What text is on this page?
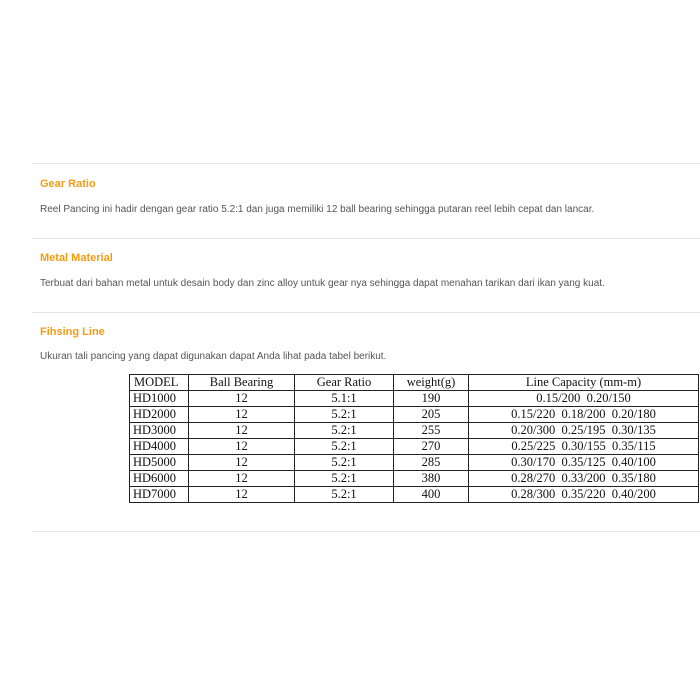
Gear Ratio
Reel Pancing ini hadir dengan gear ratio 5.2:1 dan juga memiliki 12 ball bearing sehingga putaran reel lebih cepat dan lancar.
Metal Material
Terbuat dari bahan metal untuk desain body dan zinc alloy untuk gear nya sehingga dapat menahan tarikan dari ikan yang kuat.
Fihsing Line
Ukuran tali pancing yang dapat digunakan dapat Anda lihat pada tabel berikut.
MODEL	Ball Bearing	Gear Ratio	weight(g)	Line Capacity (mm-m)
HD1000	12	5.1:1	190	0.15/200  0.20/150
HD2000	12	5.2:1	205	0.15/220  0.18/200  0.20/180
HD3000	12	5.2:1	255	0.20/300  0.25/195  0.30/135
HD4000	12	5.2:1	270	0.25/225  0.30/155  0.35/115
HD5000	12	5.2:1	285	0.30/170  0.35/125  0.40/100
HD6000	12	5.2:1	380	0.28/270  0.33/200  0.35/180
HD7000	12	5.2:1	400	0.28/300  0.35/220  0.40/200
